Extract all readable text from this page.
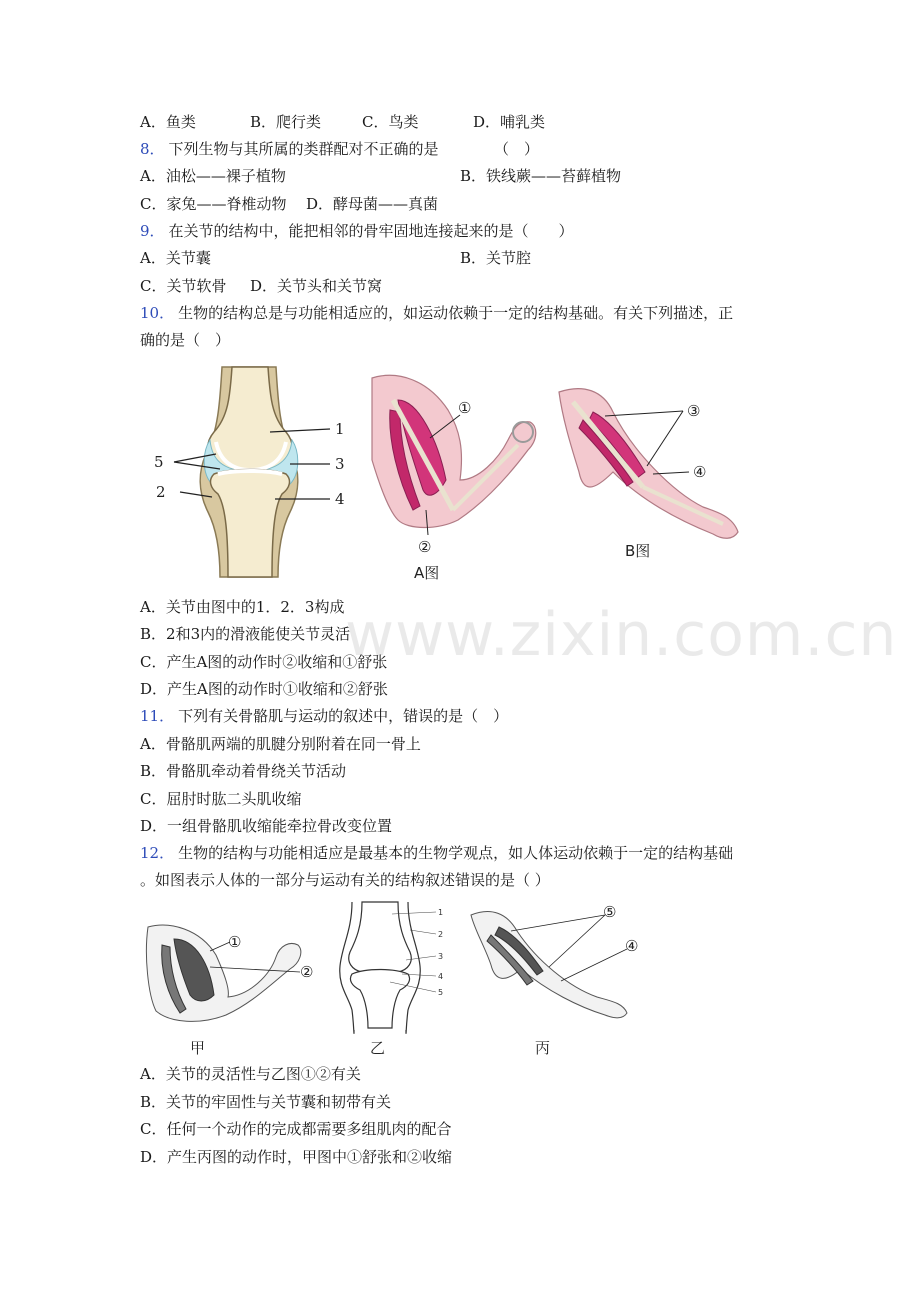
www.zixin.com.cn
A．鱼类	B．爬行类	C．鸟类	D．哺乳类
8． 下列生物与其所属的类群配对不正确的是	（　）
A．油松——裸子植物	B．铁线蕨——苔藓植物
C．家兔——脊椎动物 D．酵母菌——真菌
9． 在关节的结构中，能把相邻的骨牢固地连接起来的是（　　）
A．关节囊	B．关节腔
C．关节软骨 D．关节头和关节窝
10． 生物的结构总是与功能相适应的，如运动依赖于一定的结构基础。有关下列描述，正
确的是（　）
1
2
3
4
5
①
②
A图
③
④
B图
A．关节由图中的1．2．3构成
B．2和3内的滑液能使关节灵活
C．产生A图的动作时②收缩和①舒张
D．产生A图的动作时①收缩和②舒张
11． 下列有关骨骼肌与运动的叙述中，错误的是（　）
A．骨骼肌两端的肌腱分别附着在同一骨上
B．骨骼肌牵动着骨绕关节活动
C．屈肘时肱二头肌收缩
D．一组骨骼肌收缩能牵拉骨改变位置
12． 生物的结构与功能相适应是最基本的生物学观点，如人体运动依赖于一定的结构基础
。如图表示人体的一部分与运动有关的结构叙述错误的是（ ）
①
②
甲
1
2
3
4
5
乙
⑤
④
丙
A．关节的灵活性与乙图①②有关
B．关节的牢固性与关节囊和韧带有关
C．任何一个动作的完成都需要多组肌肉的配合
D．产生丙图的动作时，甲图中①舒张和②收缩
